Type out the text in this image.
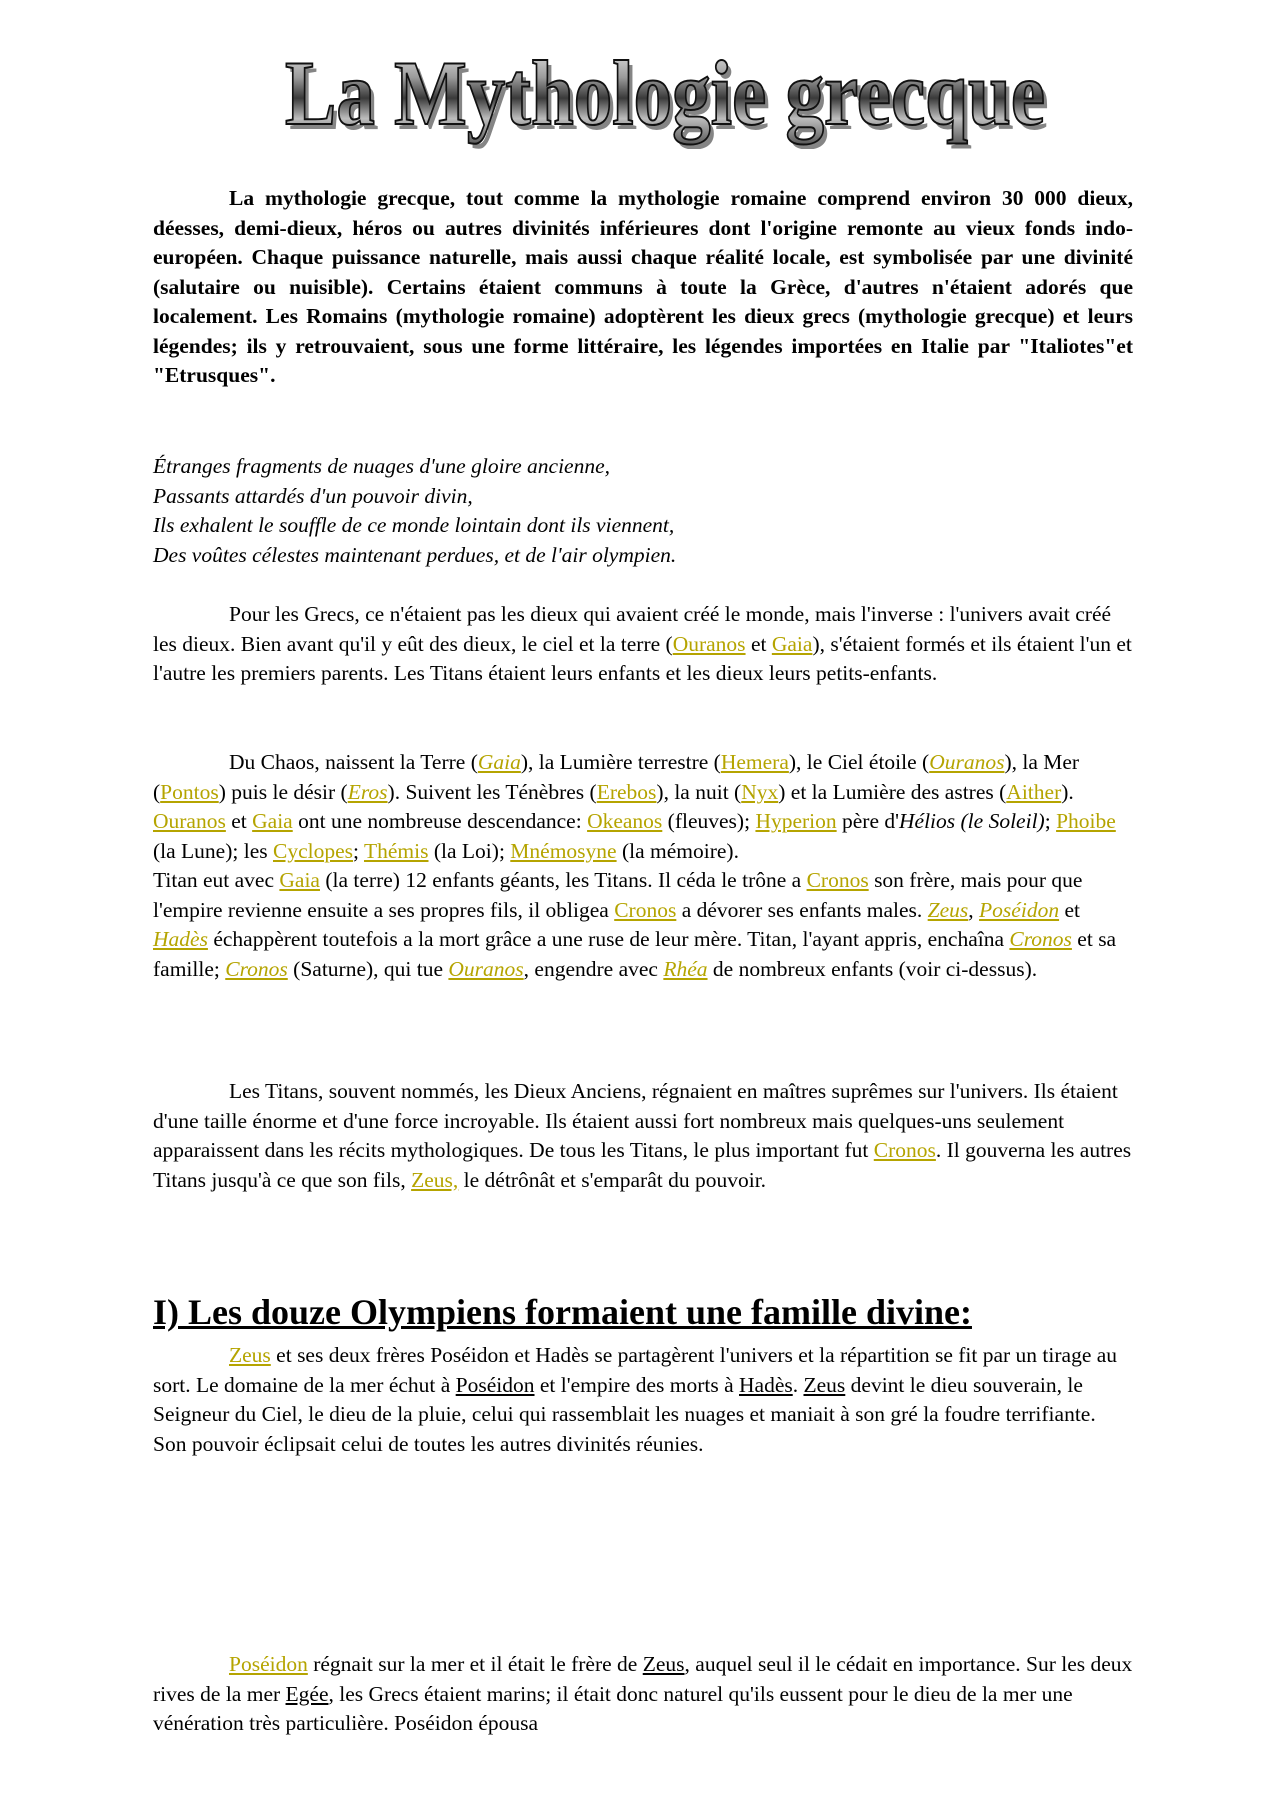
La Mythologie grecque
La Mythologie grecque

La mythologie grecque, tout comme la mythologie romaine comprend environ 30 000 dieux, déesses, demi-dieux, héros ou autres divinités inférieures dont l'origine remonte au vieux fonds indo-européen. Chaque puissance naturelle, mais aussi chaque réalité locale, est symbolisée par une divinité (salutaire ou nuisible). Certains étaient communs à toute la Grèce, d'autres n'étaient adorés que localement. Les Romains (mythologie romaine) adoptèrent les dieux grecs (mythologie grecque) et leurs légendes; ils y retrouvaient, sous une forme littéraire, les légendes importées en Italie par "Italiotes"et "Etrusques".

Étranges fragments de nuages d'une gloire ancienne,
Passants attardés d'un pouvoir divin,
Ils exhalent le souffle de ce monde lointain dont ils viennent,
Des voûtes célestes maintenant perdues, et de l'air olympien.

Pour les Grecs, ce n'étaient pas les dieux qui avaient créé le monde, mais l'inverse : l'univers avait créé les dieux. Bien avant qu'il y eût des dieux, le ciel et la terre (Ouranos et Gaia), s'étaient formés et ils étaient l'un et l'autre les premiers parents. Les Titans étaient leurs enfants et les dieux leurs petits-enfants.

Du Chaos, naissent la Terre (Gaia), la Lumière terrestre (Hemera), le Ciel étoile (Ouranos), la Mer (Pontos) puis le désir (Eros). Suivent les Ténèbres (Erebos), la nuit (Nyx) et la Lumière des astres (Aither).
Ouranos et Gaia ont une nombreuse descendance: Okeanos (fleuves); Hyperion père d'Hélios (le Soleil); Phoibe (la Lune); les Cyclopes; Thémis (la Loi); Mnémosyne (la mémoire).
Titan eut avec Gaia (la terre) 12 enfants géants, les Titans. Il céda le trône a Cronos son frère, mais pour que l'empire revienne ensuite a ses propres fils, il obligea Cronos a dévorer ses enfants males. Zeus, Poséidon et Hadès échappèrent toutefois a la mort grâce a une ruse de leur mère. Titan, l'ayant appris, enchaîna Cronos et sa famille; Cronos (Saturne), qui tue Ouranos, engendre avec Rhéa de nombreux enfants (voir ci-dessus).

Les Titans, souvent nommés, les Dieux Anciens, régnaient en maîtres suprêmes sur l'univers. Ils étaient d'une taille énorme et d'une force incroyable. Ils étaient aussi fort nombreux mais quelques-uns seulement apparaissent dans les récits mythologiques. De tous les Titans, le plus important fut Cronos. Il gouverna les autres Titans jusqu'à ce que son fils, Zeus, le détrônât et s'emparât du pouvoir.

I) Les douze Olympiens formaient une famille divine:

Zeus et ses deux frères Poséidon et Hadès se partagèrent l'univers et la répartition se fit par un tirage au sort. Le domaine de la mer échut à Poséidon et l'empire des morts à Hadès. Zeus devint le dieu souverain, le Seigneur du Ciel, le dieu de la pluie, celui qui rassemblait les nuages et maniait à son gré la foudre terrifiante. Son pouvoir éclipsait celui de toutes les autres divinités réunies.

Poséidon régnait sur la mer et il était le frère de Zeus, auquel seul il le cédait en importance. Sur les deux rives de la mer Egée, les Grecs étaient marins; il était donc naturel qu'ils eussent pour le dieu de la mer une vénération très particulière. Poséidon épousa
